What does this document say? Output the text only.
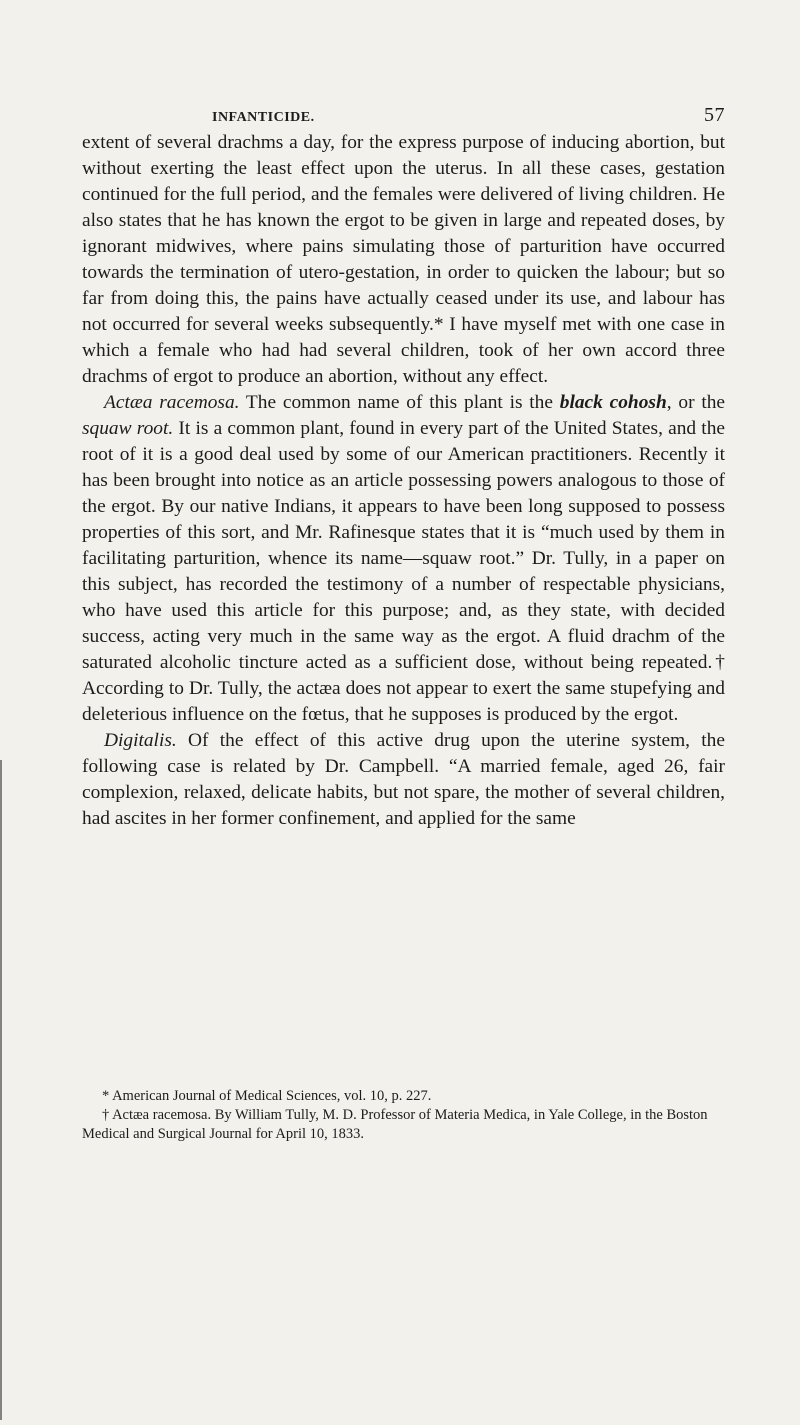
INFANTICIDE.	57

extent of several drachms a day, for the express purpose of inducing abortion, but without exerting the least effect upon the uterus. In all these cases, gestation continued for the full period, and the females were delivered of living children. He also states that he has known the ergot to be given in large and repeated doses, by ignorant midwives, where pains simulating those of parturition have occurred towards the termination of utero-gestation, in order to quicken the labour; but so far from doing this, the pains have actually ceased under its use, and labour has not occurred for several weeks subsequently.* I have myself met with one case in which a female who had had several children, took of her own accord three drachms of ergot to produce an abortion, without any effect.

Actæa racemosa. The common name of this plant is the black cohosh, or the squaw root. It is a common plant, found in every part of the United States, and the root of it is a good deal used by some of our American practitioners. Recently it has been brought into notice as an article possessing powers analogous to those of the ergot. By our native Indians, it appears to have been long supposed to possess properties of this sort, and Mr. Rafinesque states that it is “much used by them in facilitating parturition, whence its name—squaw root.” Dr. Tully, in a paper on this subject, has recorded the testimony of a number of respectable physicians, who have used this article for this purpose; and, as they state, with decided success, acting very much in the same way as the ergot. A fluid drachm of the saturated alcoholic tincture acted as a sufficient dose, without being repeated.† According to Dr. Tully, the actæa does not appear to exert the same stupefying and deleterious influence on the fœtus, that he supposes is produced by the ergot.

Digitalis. Of the effect of this active drug upon the uterine system, the following case is related by Dr. Campbell. “A married female, aged 26, fair complexion, relaxed, delicate habits, but not spare, the mother of several children, had ascites in her former confinement, and applied for the same

* American Journal of Medical Sciences, vol. 10, p. 227.

† Actæa racemosa. By William Tully, M. D. Professor of Materia Medica, in Yale College, in the Boston Medical and Surgical Journal for April 10, 1833.
